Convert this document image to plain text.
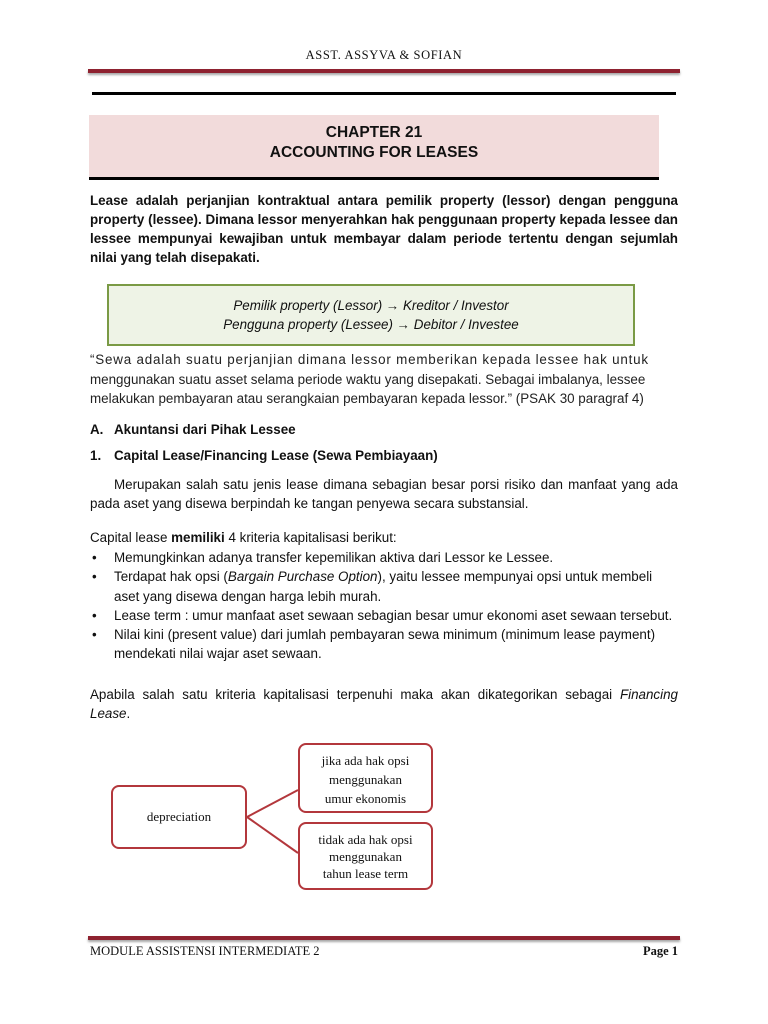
ASST. ASSYVA & SOFIAN
CHAPTER 21
ACCOUNTING FOR LEASES
Lease adalah perjanjian kontraktual antara pemilik property (lessor) dengan pengguna property (lessee). Dimana lessor menyerahkan hak penggunaan property kepada lessee dan lessee mempunyai kewajiban untuk membayar dalam periode tertentu dengan sejumlah nilai yang telah disepakati.
Pemilik property (Lessor) → Kreditor / Investor
Pengguna property (Lessee) → Debitor / Investee
“Sewa adalah suatu perjanjian dimana lessor memberikan kepada lessee hak untuk
menggunakan suatu asset selama periode waktu yang disepakati. Sebagai imbalanya, lessee
melakukan pembayaran atau serangkaian pembayaran kepada lessor.” (PSAK 30 paragraf 4)
A. Akuntansi dari Pihak Lessee
1. Capital Lease/Financing Lease (Sewa Pembiayaan)
Merupakan salah satu jenis lease dimana sebagian besar porsi risiko dan manfaat yang ada pada aset yang disewa berpindah ke tangan penyewa secara substansial.
Capital lease memiliki 4 kriteria kapitalisasi berikut:
• Memungkinkan adanya transfer kepemilikan aktiva dari Lessor ke Lessee.
• Terdapat hak opsi (Bargain Purchase Option), yaitu lessee mempunyai opsi untuk membeli aset yang disewa dengan harga lebih murah.
• Lease term : umur manfaat aset sewaan sebagian besar umur ekonomi aset sewaan tersebut.
• Nilai kini (present value) dari jumlah pembayaran sewa minimum (minimum lease payment) mendekati nilai wajar aset sewaan.
Apabila salah satu kriteria kapitalisasi terpenuhi maka akan dikategorikan sebagai Financing Lease.
depreciation
jika ada hak opsi
menggunakan
umur ekonomis
tidak ada hak opsi
menggunakan
tahun lease term
MODULE ASSISTENSI INTERMEDIATE 2	Page 1
